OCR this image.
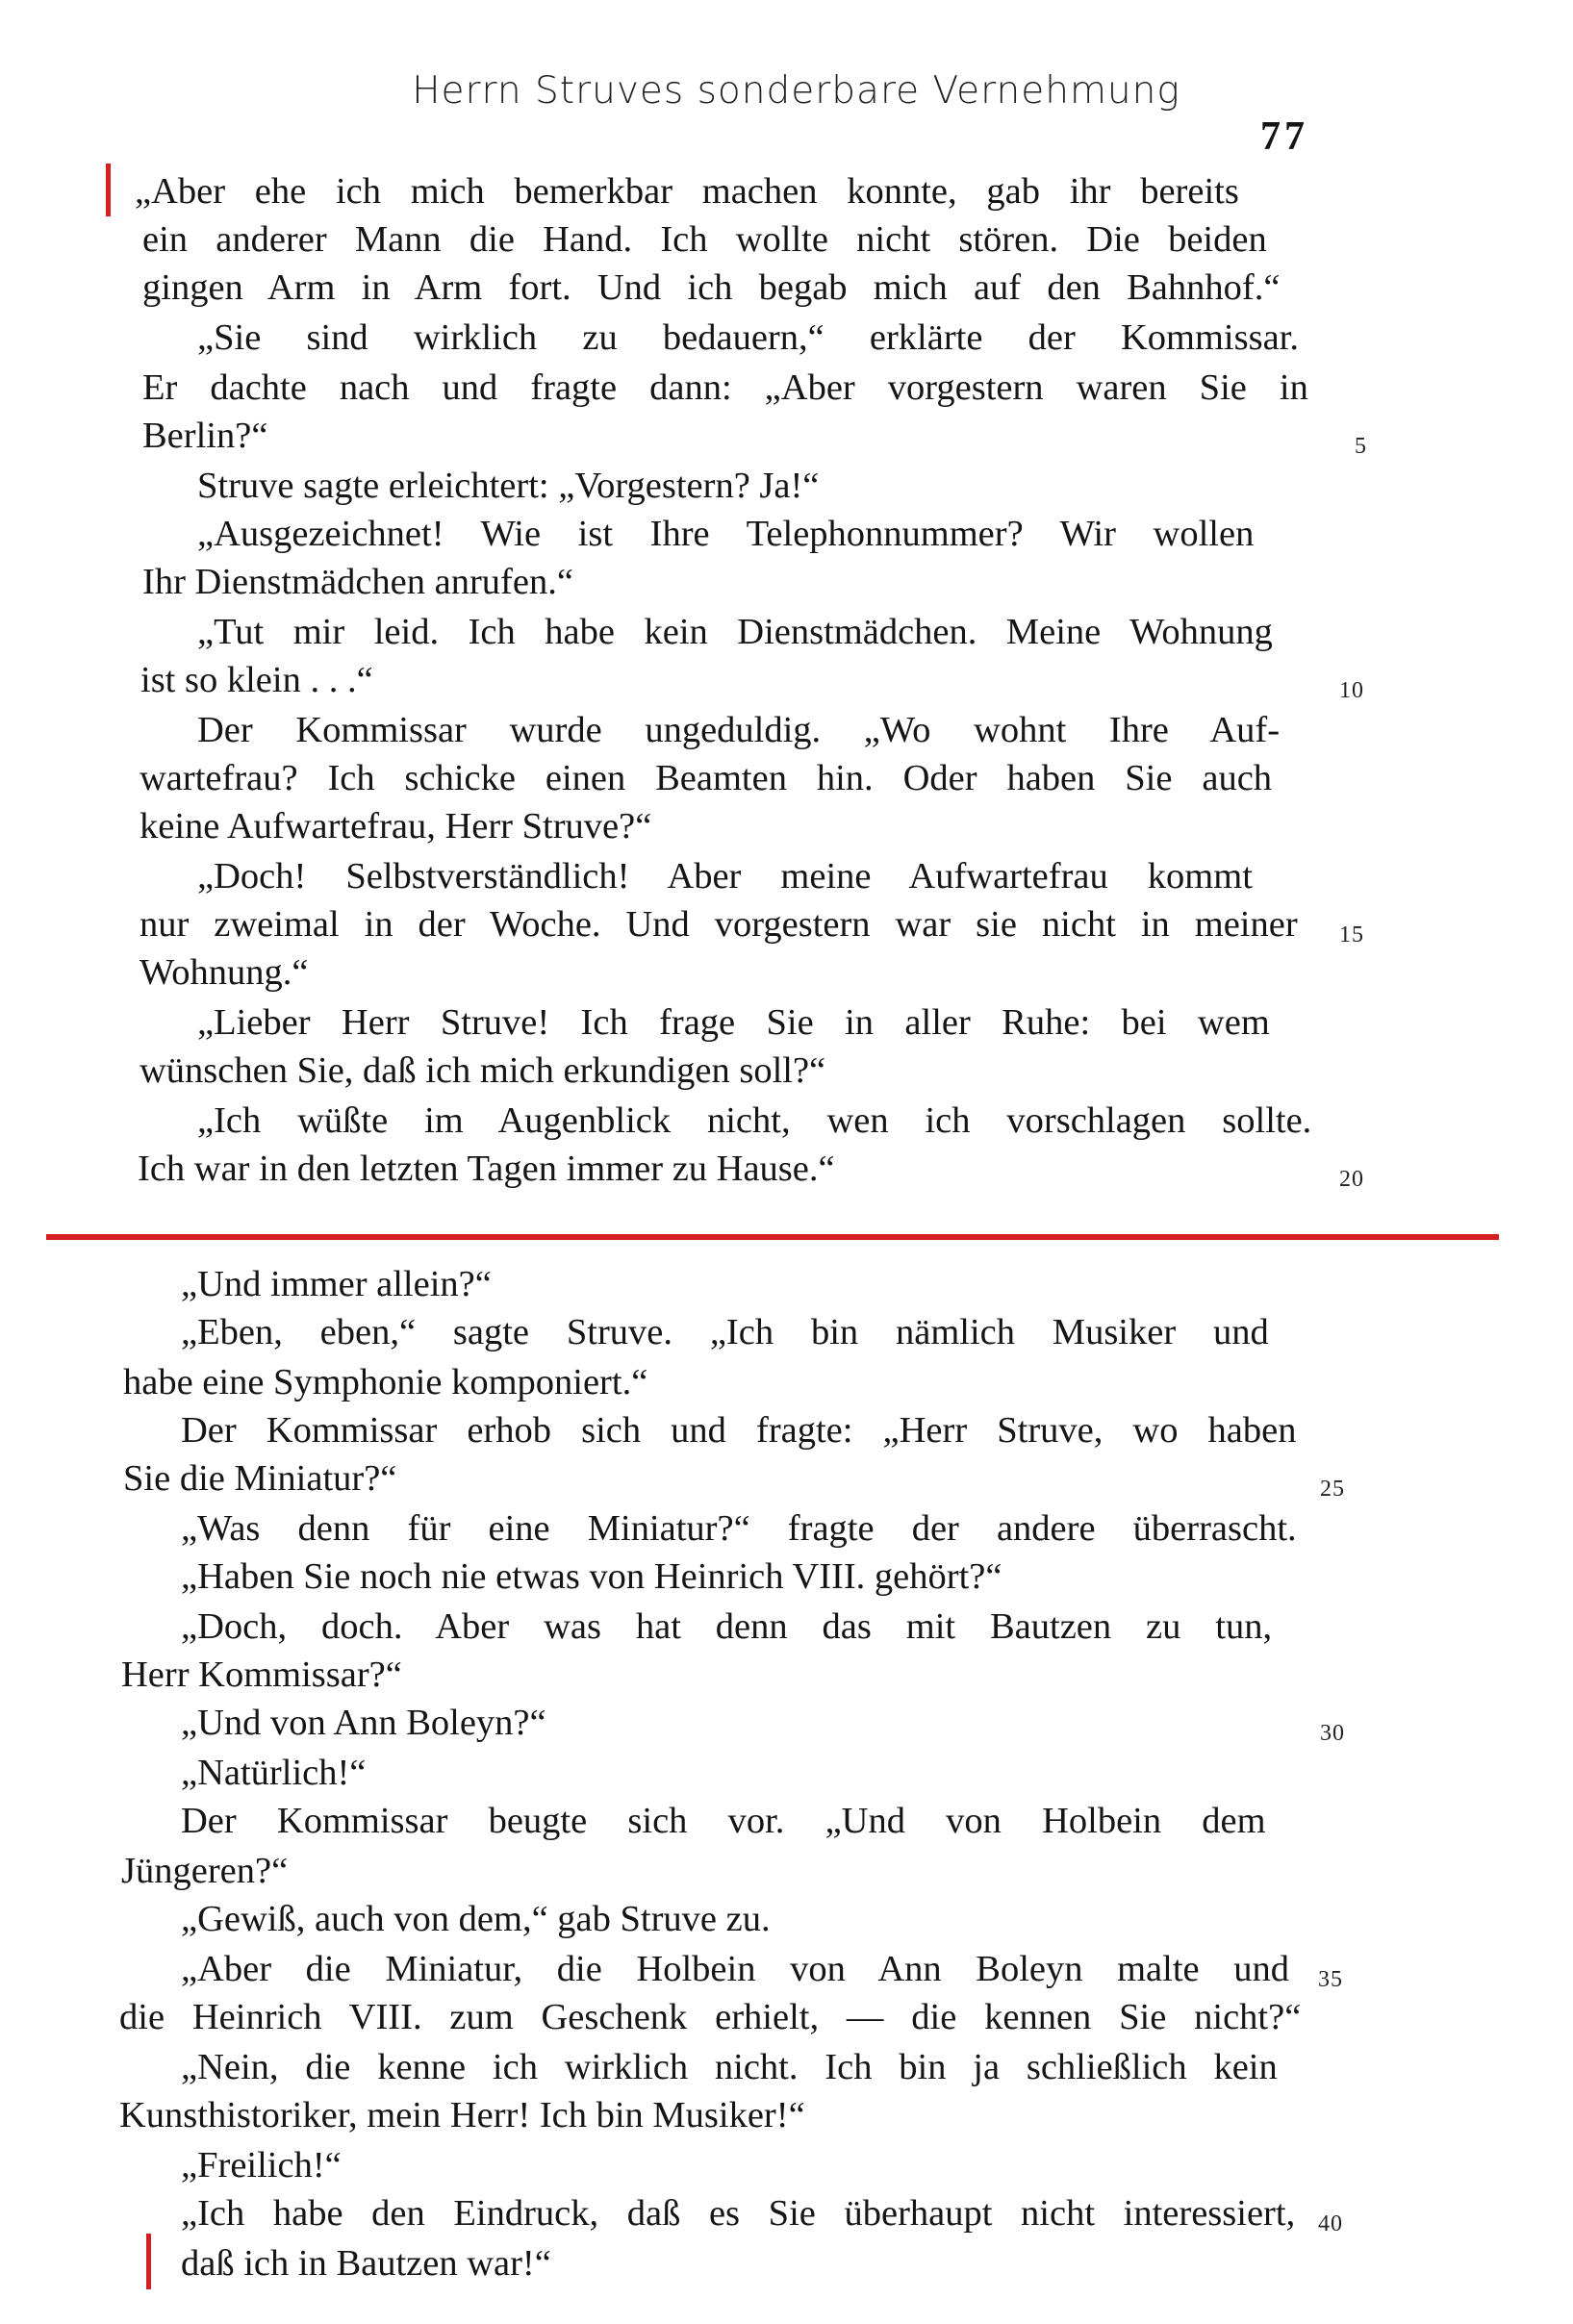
Herrn Struves sonderbare Vernehmung
77
„Aber ehe ich mich bemerkbar machen konnte, gab ihr bereits
ein anderer Mann die Hand. Ich wollte nicht stören. Die beiden
gingen Arm in Arm fort. Und ich begab mich auf den Bahnhof.“
„Sie sind wirklich zu bedauern,“ erklärte der Kommissar.
Er dachte nach und fragte dann: „Aber vorgestern waren Sie in
Berlin?“
Struve sagte erleichtert: „Vorgestern? Ja!“
„Ausgezeichnet! Wie ist Ihre Telephonnummer? Wir wollen
Ihr Dienstmädchen anrufen.“
„Tut mir leid. Ich habe kein Dienstmädchen. Meine Wohnung
ist so klein . . .“
Der Kommissar wurde ungeduldig. „Wo wohnt Ihre Auf-
wartefrau? Ich schicke einen Beamten hin. Oder haben Sie auch
keine Aufwartefrau, Herr Struve?“
„Doch! Selbstverständlich! Aber meine Aufwartefrau kommt
nur zweimal in der Woche. Und vorgestern war sie nicht in meiner
Wohnung.“
„Lieber Herr Struve! Ich frage Sie in aller Ruhe: bei wem
wünschen Sie, daß ich mich erkundigen soll?“
„Ich wüßte im Augenblick nicht, wen ich vorschlagen sollte.
Ich war in den letzten Tagen immer zu Hause.“
„Und immer allein?“
„Eben, eben,“ sagte Struve. „Ich bin nämlich Musiker und
habe eine Symphonie komponiert.“
Der Kommissar erhob sich und fragte: „Herr Struve, wo haben
Sie die Miniatur?“
„Was denn für eine Miniatur?“ fragte der andere überrascht.
„Haben Sie noch nie etwas von Heinrich VIII. gehört?“
„Doch, doch. Aber was hat denn das mit Bautzen zu tun,
Herr Kommissar?“
„Und von Ann Boleyn?“
„Natürlich!“
Der Kommissar beugte sich vor. „Und von Holbein dem
Jüngeren?“
„Gewiß, auch von dem,“ gab Struve zu.
„Aber die Miniatur, die Holbein von Ann Boleyn malte und
die Heinrich VIII. zum Geschenk erhielt, — die kennen Sie nicht?“
„Nein, die kenne ich wirklich nicht. Ich bin ja schließlich kein
Kunsthistoriker, mein Herr! Ich bin Musiker!“
„Freilich!“
„Ich habe den Eindruck, daß es Sie überhaupt nicht interessiert,
daß ich in Bautzen war!“
5
10
15
20
25
30
35
40
